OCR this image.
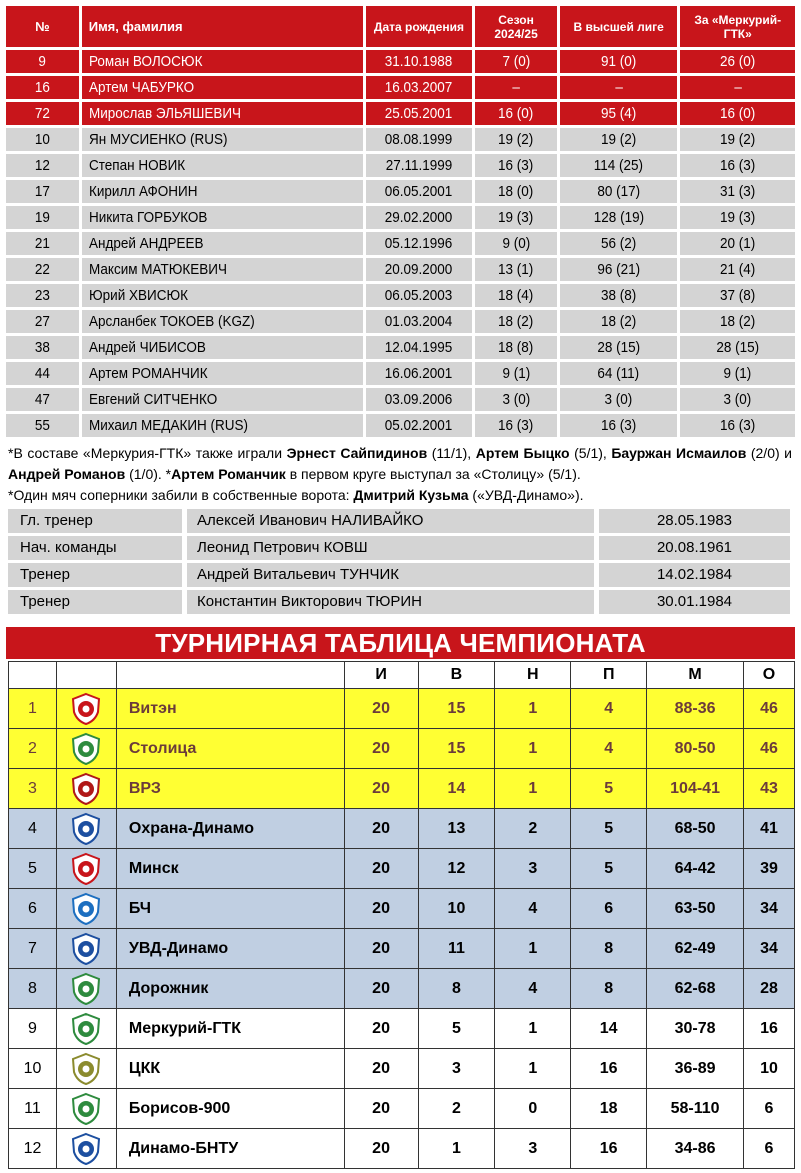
№	Имя, фамилия	Дата рождения	Сезон 2024/25	В высшей лиге	За «Меркурий-ГТК»
9	Роман ВОЛОСЮК	31.10.1988	7 (0)	91 (0)	26 (0)
16	Артем ЧАБУРКО	16.03.2007	–	–	–
72	Мирослав ЭЛЬЯШЕВИЧ	25.05.2001	16 (0)	95 (4)	16 (0)
10	Ян МУСИЕНКО (RUS)	08.08.1999	19 (2)	19 (2)	19 (2)
12	Степан НОВИК	27.11.1999	16 (3)	114 (25)	16 (3)
17	Кирилл АФОНИН	06.05.2001	18 (0)	80 (17)	31 (3)
19	Никита ГОРБУКОВ	29.02.2000	19 (3)	128 (19)	19 (3)
21	Андрей АНДРЕЕВ	05.12.1996	9 (0)	56 (2)	20 (1)
22	Максим МАТЮКЕВИЧ	20.09.2000	13 (1)	96 (21)	21 (4)
23	Юрий ХВИСЮК	06.05.2003	18 (4)	38 (8)	37 (8)
27	Арсланбек ТОКОЕВ (KGZ)	01.03.2004	18 (2)	18 (2)	18 (2)
38	Андрей ЧИБИСОВ	12.04.1995	18 (8)	28 (15)	28 (15)
44	Артем РОМАНЧИК	16.06.2001	9 (1)	64 (11)	9 (1)
47	Евгений СИТЧЕНКО	03.09.2006	3 (0)	3 (0)	3 (0)
55	Михаил МЕДАКИН (RUS)	05.02.2001	16 (3)	16 (3)	16 (3)
*В составе «Меркурия-ГТК» также играли Эрнест Сайпидинов (11/1), Артем Быцко (5/1), Бауржан Исмаилов (2/0) и Андрей Романов (1/0). *Артем Романчик в первом круге выступал за «Столицу» (5/1).
*Один мяч соперники забили в собственные ворота: Дмитрий Кузьма («УВД-Динамо»).
Гл. тренер	Алексей Иванович НАЛИВАЙКО	28.05.1983
Нач. команды	Леонид Петрович КОВШ	20.08.1961
Тренер	Андрей Витальевич ТУНЧИК	14.02.1984
Тренер	Константин Викторович ТЮРИН	30.01.1984
ТУРНИРНАЯ ТАБЛИЦА ЧЕМПИОНАТА
			И	В	Н	П	М	О
1		Витэн	20	15	1	4	88-36	46
2		Столица	20	15	1	4	80-50	46
3		ВРЗ	20	14	1	5	104-41	43
4		Охрана-Динамо	20	13	2	5	68-50	41
5		Минск	20	12	3	5	64-42	39
6		БЧ	20	10	4	6	63-50	34
7		УВД-Динамо	20	11	1	8	62-49	34
8		Дорожник	20	8	4	8	62-68	28
9		Меркурий-ГТК	20	5	1	14	30-78	16
10		ЦКК	20	3	1	16	36-89	10
11		Борисов-900	20	2	0	18	58-110	6
12		Динамо-БНТУ	20	1	3	16	34-86	6
